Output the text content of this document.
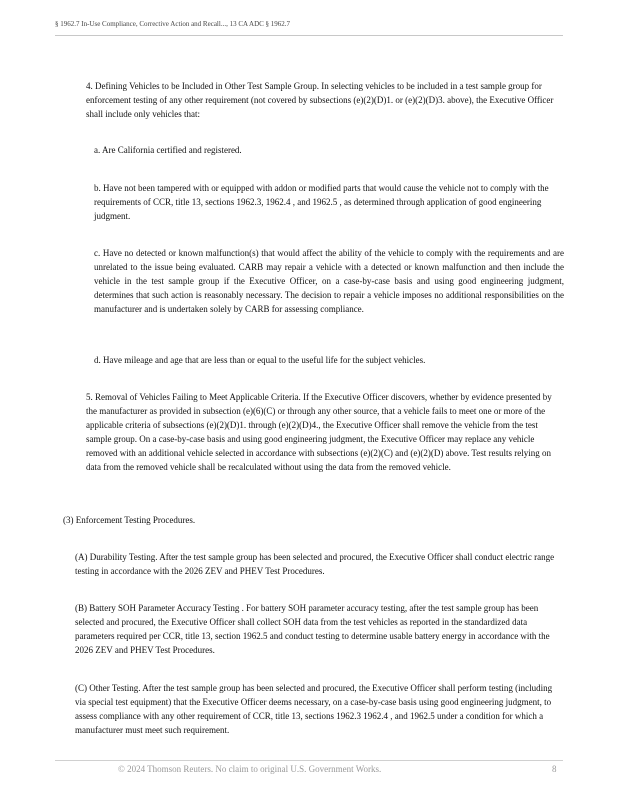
§ 1962.7 In-Use Compliance, Corrective Action and Recall..., 13 CA ADC § 1962.7

4. Defining Vehicles to be Included in Other Test Sample Group. In selecting vehicles to be included in a test sample group for enforcement testing of any other requirement (not covered by subsections (e)(2)(D)1. or (e)(2)(D)3. above), the Executive Officer shall include only vehicles that:

a. Are California certified and registered.

b. Have not been tampered with or equipped with addon or modified parts that would cause the vehicle not to comply with the requirements of CCR, title 13, sections 1962.3, 1962.4 , and 1962.5 , as determined through application of good engineering judgment.

c. Have no detected or known malfunction(s) that would affect the ability of the vehicle to comply with the requirements and are unrelated to the issue being evaluated. CARB may repair a vehicle with a detected or known malfunction and then include the vehicle in the test sample group if the Executive Officer, on a case-by-case basis and using good engineering judgment, determines that such action is reasonably necessary. The decision to repair a vehicle imposes no additional responsibilities on the manufacturer and is undertaken solely by CARB for assessing compliance.

d. Have mileage and age that are less than or equal to the useful life for the subject vehicles.

5. Removal of Vehicles Failing to Meet Applicable Criteria. If the Executive Officer discovers, whether by evidence presented by the manufacturer as provided in subsection (e)(6)(C) or through any other source, that a vehicle fails to meet one or more of the applicable criteria of subsections (e)(2)(D)1. through (e)(2)(D)4., the Executive Officer shall remove the vehicle from the test sample group. On a case-by-case basis and using good engineering judgment, the Executive Officer may replace any vehicle removed with an additional vehicle selected in accordance with subsections (e)(2)(C) and (e)(2)(D) above. Test results relying on data from the removed vehicle shall be recalculated without using the data from the removed vehicle.

(3) Enforcement Testing Procedures.

(A) Durability Testing. After the test sample group has been selected and procured, the Executive Officer shall conduct electric range testing in accordance with the 2026 ZEV and PHEV Test Procedures.

(B) Battery SOH Parameter Accuracy Testing . For battery SOH parameter accuracy testing, after the test sample group has been selected and procured, the Executive Officer shall collect SOH data from the test vehicles as reported in the standardized data parameters required per CCR, title 13, section 1962.5 and conduct testing to determine usable battery energy in accordance with the 2026 ZEV and PHEV Test Procedures.

(C) Other Testing. After the test sample group has been selected and procured, the Executive Officer shall perform testing (including via special test equipment) that the Executive Officer deems necessary, on a case-by-case basis using good engineering judgment, to assess compliance with any other requirement of CCR, title 13, sections 1962.3 1962.4 , and 1962.5 under a condition for which a manufacturer must meet such requirement.

© 2024 Thomson Reuters. No claim to original U.S. Government Works.	8
